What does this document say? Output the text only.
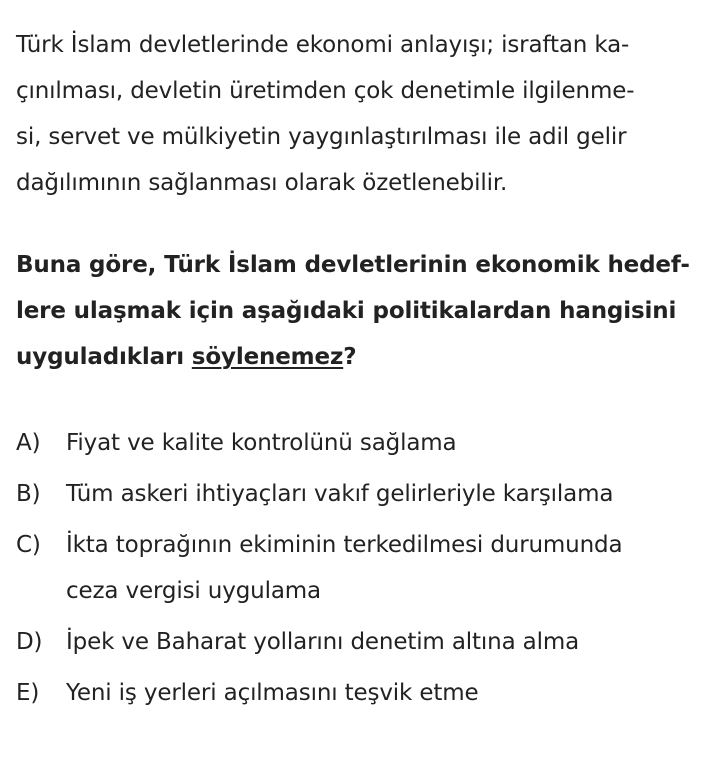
Türk İslam devletlerinde ekonomi anlayışı; israftan ka-
çınılması, devletin üretimden çok denetimle ilgilenme-
si, servet ve mülkiyetin yaygınlaştırılması ile adil gelir
dağılımının sağlanması olarak özetlenebilir.
Buna göre, Türk İslam devletlerinin ekonomik hedef-
lere ulaşmak için aşağıdaki politikalardan hangisini
uyguladıkları söylenemez?
A)	Fiyat ve kalite kontrolünü sağlama
B)	Tüm askeri ihtiyaçları vakıf gelirleriyle karşılama
C)	İkta toprağının ekiminin terkedilmesi durumunda
ceza vergisi uygulama
D)	İpek ve Baharat yollarını denetim altına alma
E)	Yeni iş yerleri açılmasını teşvik etme
